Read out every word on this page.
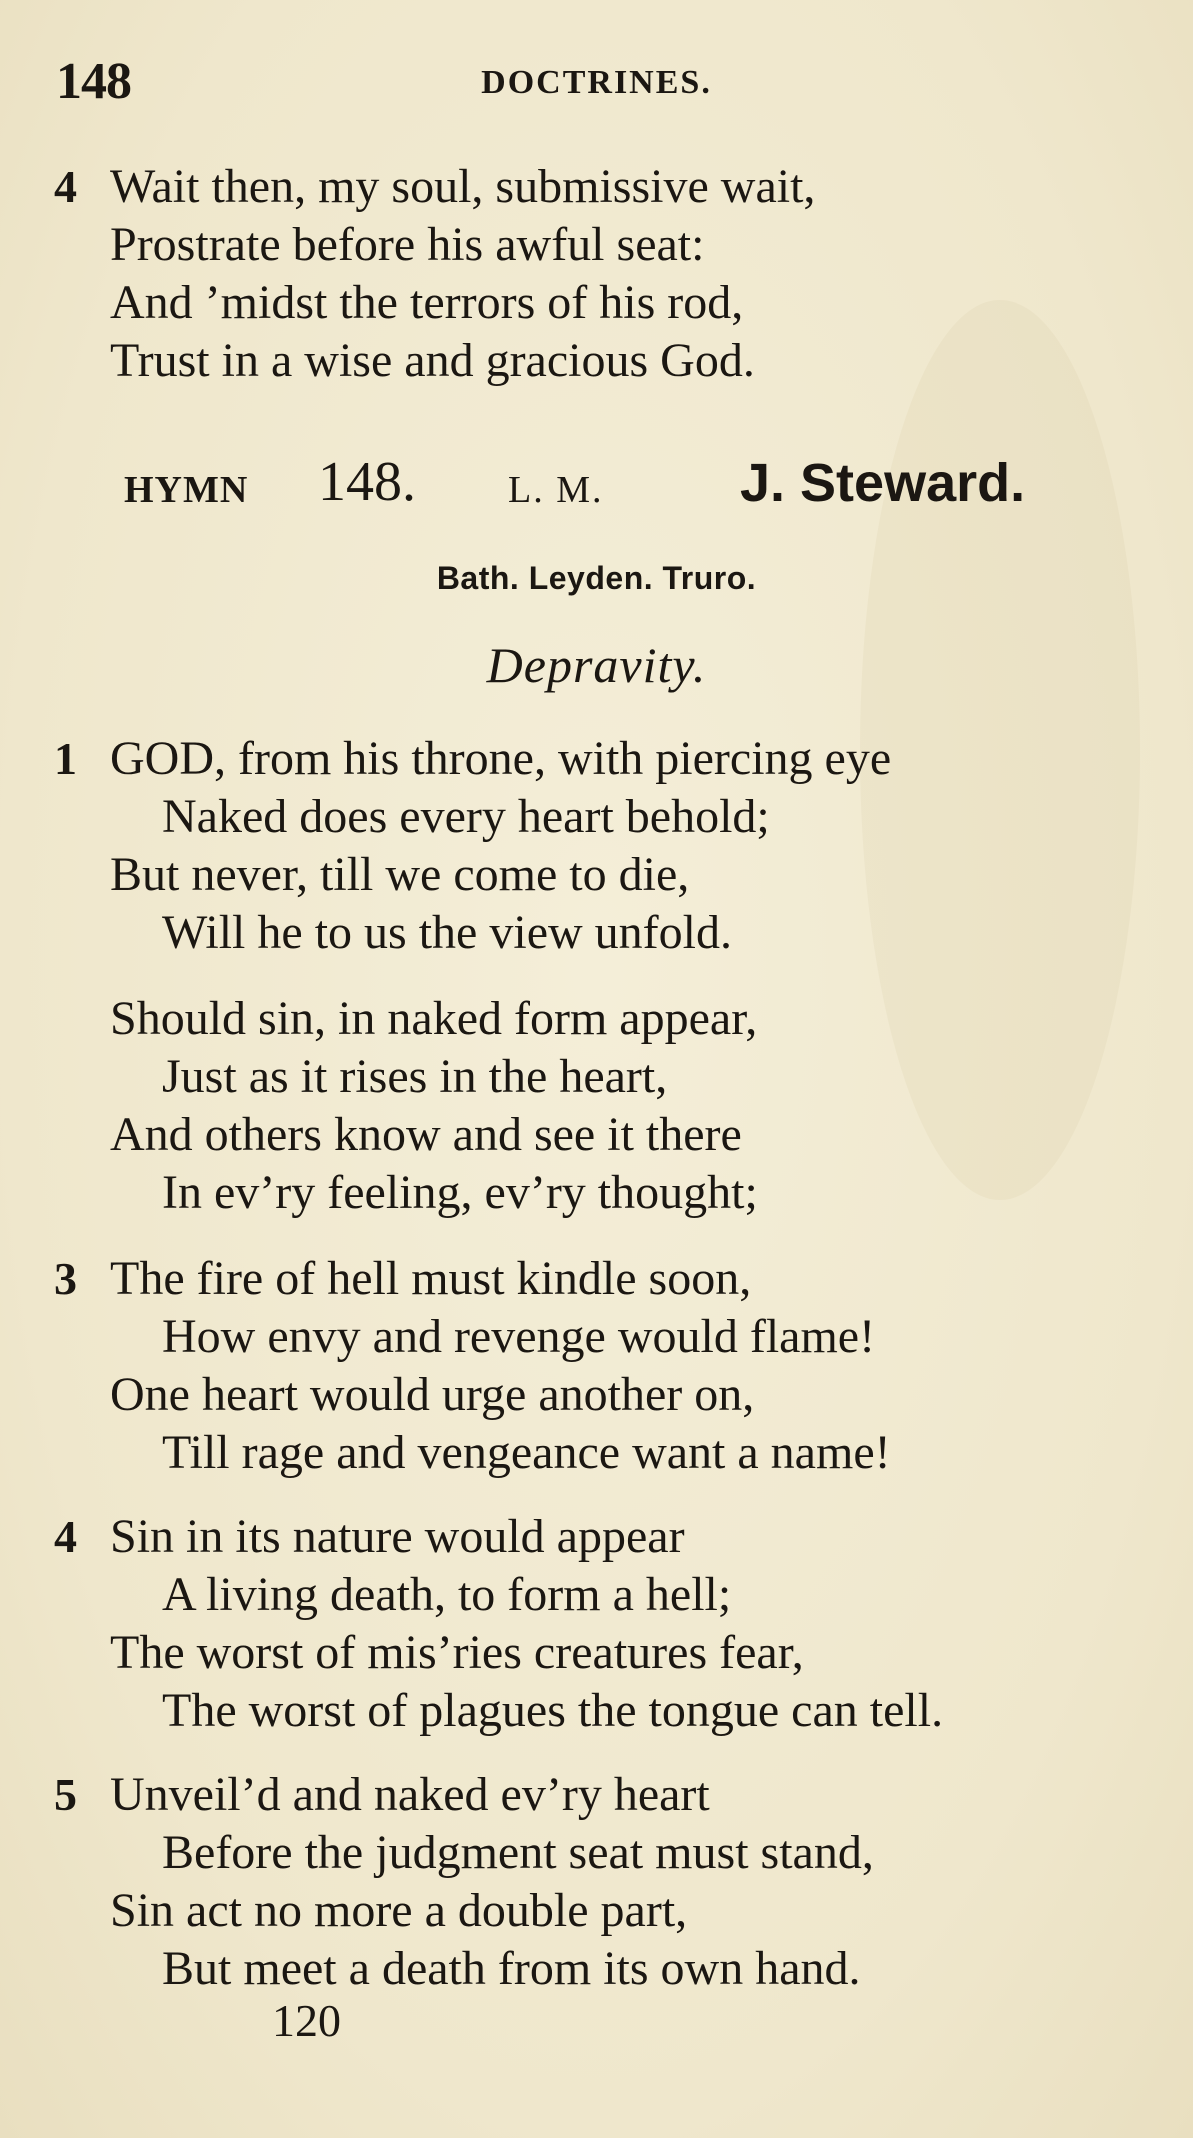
148	DOCTRINES.
4 Wait then, my soul, submissive wait,
Prostrate before his awful seat:
And ’midst the terrors of his rod,
Trust in a wise and gracious God.
HYMN 148. L. M.	J. Steward.
Bath. Leyden. Truro.
Depravity.
1 GOD, from his throne, with piercing eye
Naked does every heart behold;
But never, till we come to die,
Will he to us the view unfold.
Should sin, in naked form appear,
Just as it rises in the heart,
And others know and see it there
In ev’ry feeling, ev’ry thought;
3 The fire of hell must kindle soon,
How envy and revenge would flame!
One heart would urge another on,
Till rage and vengeance want a name!
4 Sin in its nature would appear
A living death, to form a hell;
The worst of mis’ries creatures fear,
The worst of plagues the tongue can tell.
5 Unveil’d and naked ev’ry heart
Before the judgment seat must stand,
Sin act no more a double part,
But meet a death from its own hand.
120
